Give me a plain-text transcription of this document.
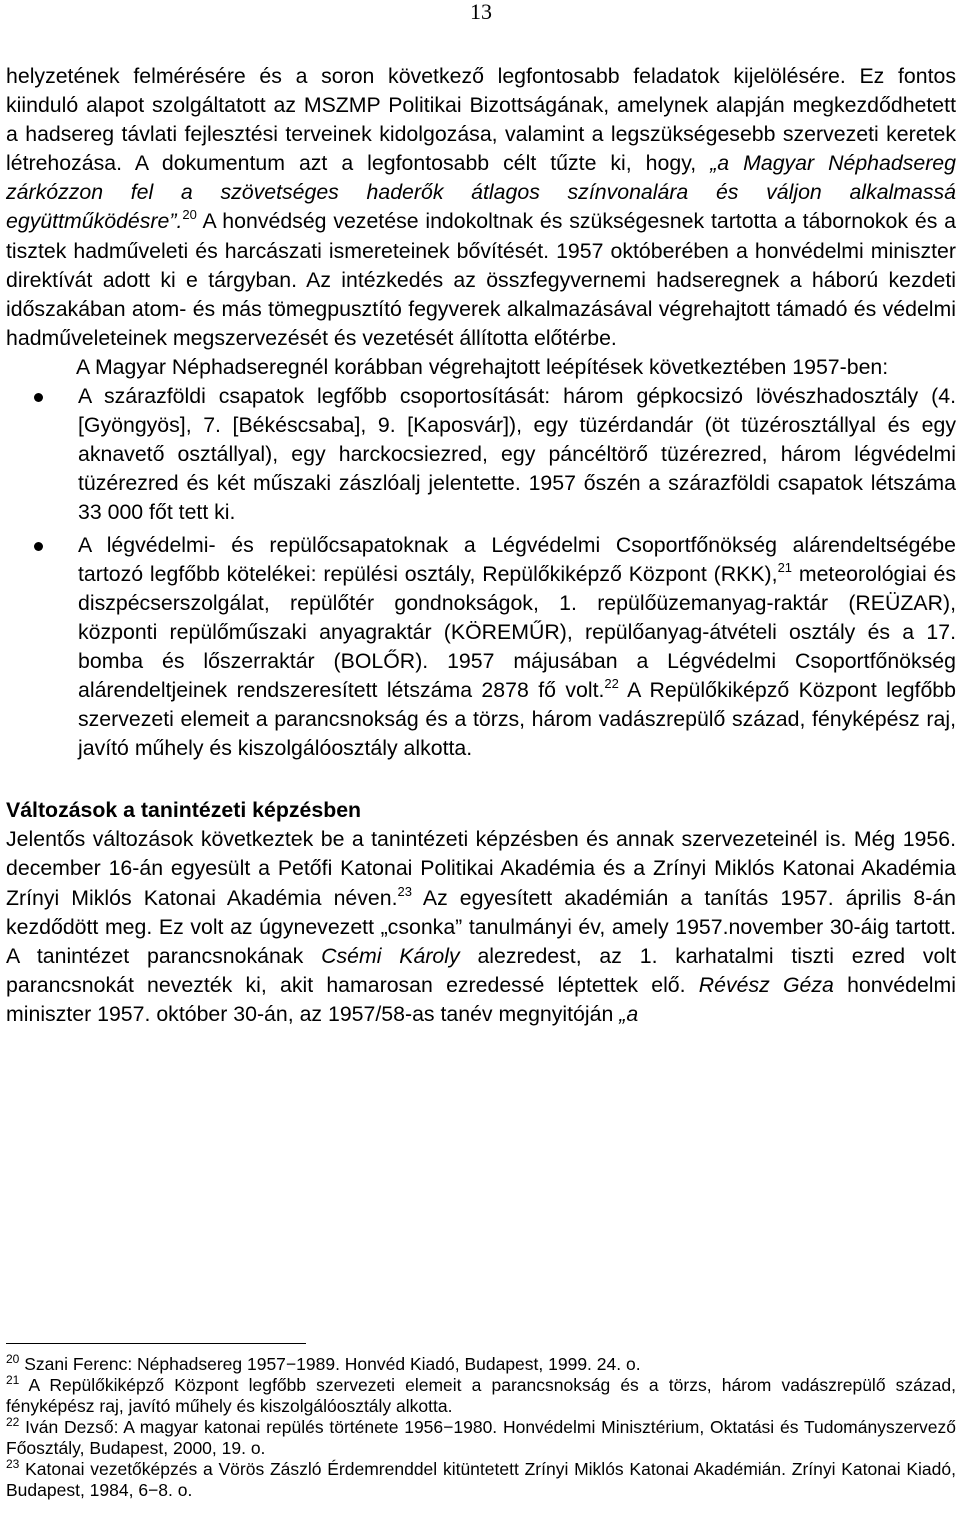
13

helyzetének felmérésére és a soron következő legfontosabb feladatok kijelölésére. Ez fontos kiinduló alapot szolgáltatott az MSZMP Politikai Bizottságának, amelynek alapján megkezdődhetett a hadsereg távlati fejlesztési terveinek kidolgozása, valamint a legszükségesebb szervezeti keretek létrehozása. A dokumentum azt a legfontosabb célt tűzte ki, hogy, „a Magyar Néphadsereg zárkózzon fel a szövetséges haderők átlagos színvonalára és váljon alkalmassá együttműködésre”.$^{20}$ A honvédség vezetése indokoltnak és szükségesnek tartotta a tábornokok és a tisztek hadműveleti és harcászati ismereteinek bővítését. 1957 októberében a honvédelmi miniszter direktívát adott ki e tárgyban. Az intézkedés az összfegyvernemi hadseregnek a háború kezdeti időszakában atom- és más tömegpusztító fegyverek alkalmazásával végrehajtott támadó és védelmi hadműveleteinek megszervezését és vezetését állította előtérbe.

A Magyar Néphadseregnél korábban végrehajtott leépítések következtében 1957-ben:

A szárazföldi csapatok legfőbb csoportosítását: három gépkocsizó lövészhadosztály (4. [Gyöngyös], 7. [Békéscsaba], 9. [Kaposvár]), egy tüzérdandár (öt tüzérosztállyal és egy aknavető osztállyal), egy harckocsiezred, egy páncéltörő tüzérezred, három légvédelmi tüzérezred és két műszaki zászlóalj jelentette. 1957 őszén a szárazföldi csapatok létszáma 33 000 főt tett ki.
A légvédelmi- és repülőcsapatoknak a Légvédelmi Csoportfőnökség alárendeltségébe tartozó legfőbb kötelékei: repülési osztály, Repülőkiképző Központ (RKK),$^{21}$ meteorológiai és diszpécserszolgálat, repülőtér gondnokságok, 1. repülőüzemanyag-raktár (REÜZAR), központi repülőműszaki anyagraktár (KÖREMŰR), repülőanyag-átvételi osztály és a 17. bomba és lőszerraktár (BOLŐR). 1957 májusában a Légvédelmi Csoportfőnökség alárendeltjeinek rendszeresített létszáma 2878 fő volt.$^{22}$ A Repülőkiképző Központ legfőbb szervezeti elemeit a parancsnokság és a törzs, három vadászrepülő század, fényképész raj, javító műhely és kiszolgálóosztály alkotta.
Változások a tanintézeti képzésben

Jelentős változások következtek be a tanintézeti képzésben és annak szervezeteinél is. Még 1956. december 16-án egyesült a Petőfi Katonai Politikai Akadémia és a Zrínyi Miklós Katonai Akadémia Zrínyi Miklós Katonai Akadémia néven.$^{23}$ Az egyesített akadémián a tanítás 1957. április 8-án kezdődött meg. Ez volt az úgynevezett „csonka” tanulmányi év, amely 1957.november 30-áig tartott. A tanintézet parancsnokának Csémi Károly alezredest, az 1. karhatalmi tiszti ezred volt parancsnokát nevezték ki, akit hamarosan ezredessé léptettek elő. Révész Géza honvédelmi miniszter 1957. október 30-án, az 1957/58-as tanév megnyitóján „a

$^{20}$ Szani Ferenc: Néphadsereg 1957−1989. Honvéd Kiadó, Budapest, 1999. 24. o.

$^{21}$ A Repülőkiképző Központ legfőbb szervezeti elemeit a parancsnokság és a törzs, három vadászrepülő század, fényképész raj, javító műhely és kiszolgálóosztály alkotta.

$^{22}$ Iván Dezső: A magyar katonai repülés története 1956−1980. Honvédelmi Minisztérium, Oktatási és Tudományszervező Főosztály, Budapest, 2000, 19. o.

$^{23}$ Katonai vezetőképzés a Vörös Zászló Érdemrenddel kitüntetett Zrínyi Miklós Katonai Akadémián. Zrínyi Katonai Kiadó, Budapest, 1984, 6−8. o.
